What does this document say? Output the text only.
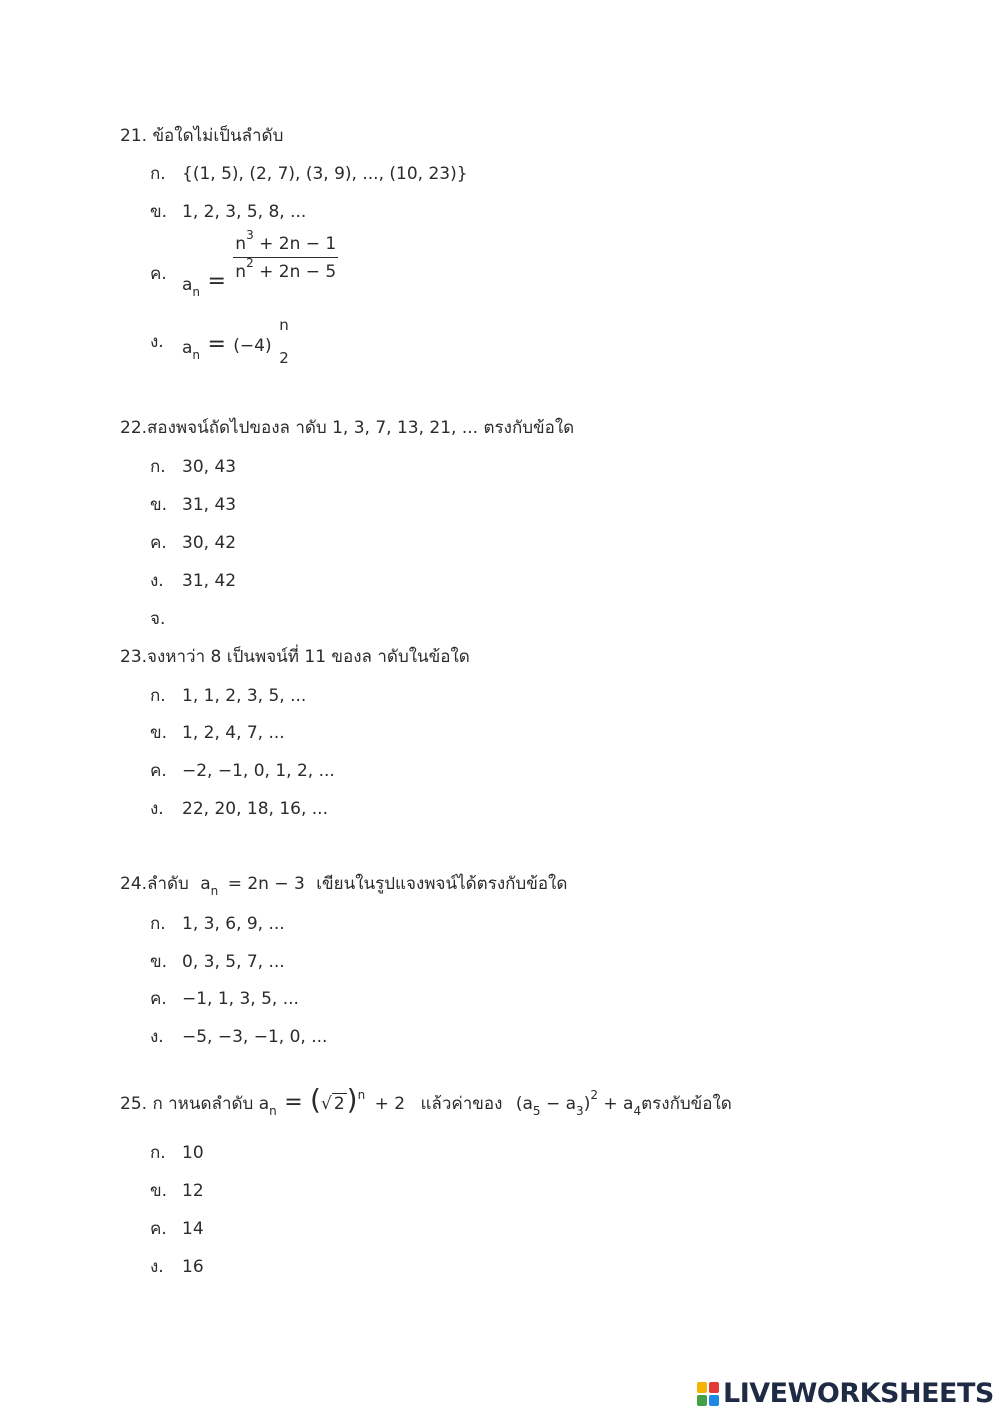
21. ข้อใดไม่เป็นลำดับ
ก. {(1, 5), (2, 7), (3, 9), ..., (10, 23)}
ข. 1, 2, 3, 5, 8, ...
ค.
$a_n = \frac{n^3 + 2n - 1}{n^2 + 2n - 5}$
ง. $a_n = (-4)$
n
2
22.สองพจน์ถัดไปของล าดับ 1, 3, 7, 13, 21, ... ตรงกับข้อใด
ก. 30, 43
ข. 31, 43
ค. 30, 42
ง. 31, 42
จ.
23.จงหาว่า 8 เป็นพจน์ที่ 11 ของล าดับในข้อใด
ก. 1, 1, 2, 3, 5, ...
ข. 1, 2, 4, 7, ...
ค. −2, −1, 0, 1, 2, ...
ง. 22, 20, 18, 16, ...
24.ลำดับ $a_n = 2n - 3$ เขียนในรูปแจงพจน์ได้ตรงกับข้อใด
ก. 1, 3, 6, 9, ...
ข. 0, 3, 5, 7, ...
ค. −1, 1, 3, 5, ...
ง. −5, −3, −1, 0, ...
25. ก าหนดลำดับ $a_n$ = (√ 2)$^n$ + 2 แล้วค่าของ $(a_5 - a_3)^2 + a_4$ตรงกับข้อใด
ก. 10
ข. 12
ค. 14
ง. 16
LIVEWORKSHEETS
